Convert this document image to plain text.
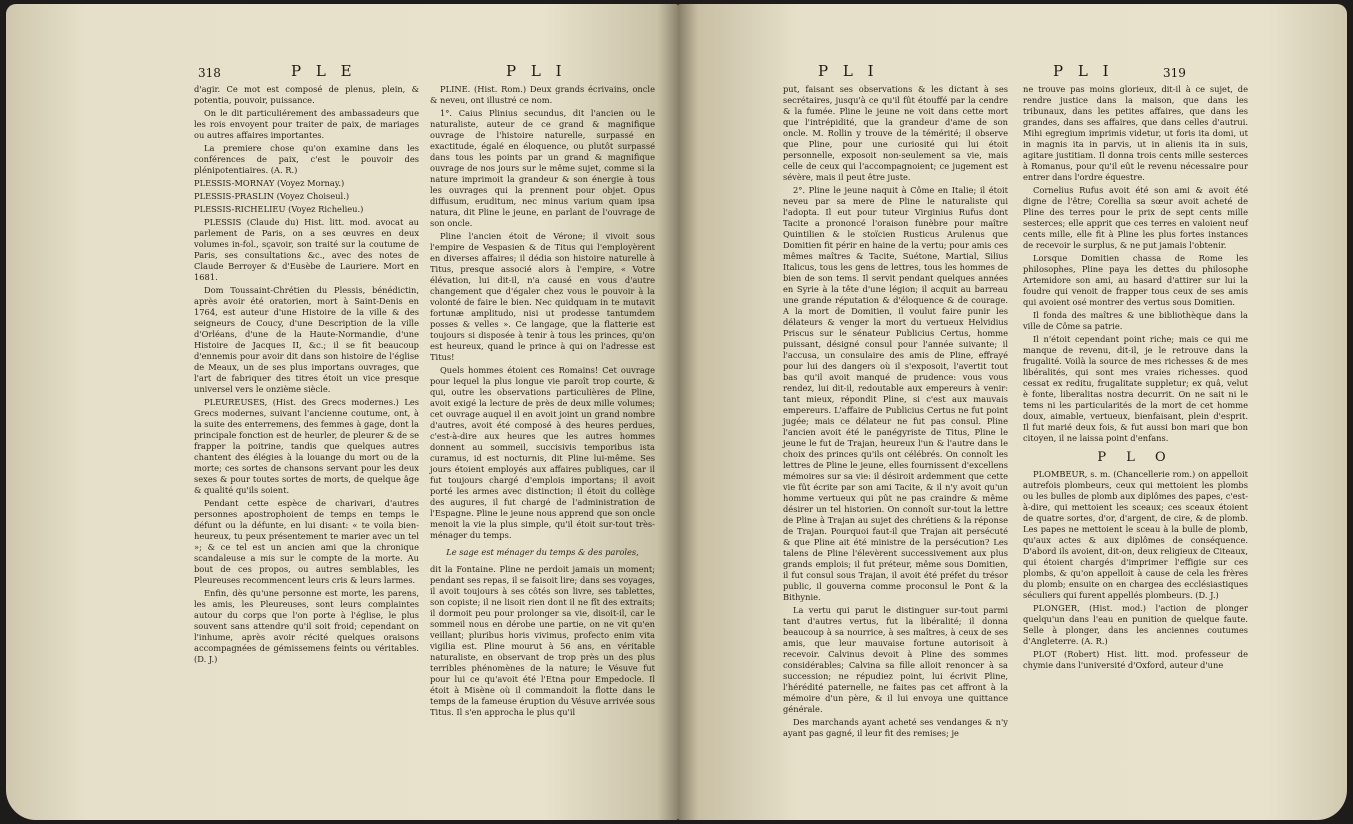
318	P L E	P L I

d'agir. Ce mot est composé de plenus, plein, & potentia, pouvoir, puissance.

On le dit particuliérement des ambassadeurs que les rois envoyent pour traiter de paix, de mariages ou autres affaires importantes.

La premiere chose qu'on examine dans les conférences de paix, c'est le pouvoir des plénipotentiaires. (A. R.)

PLESSIS-MORNAY (Voyez Mornay.)

PLESSIS-PRASLIN (Voyez Choiseul.)

PLESSIS-RICHELIEU (Voyez Richelieu.)

PLESSIS (Claude du) Hist. litt. mod. avocat au parlement de Paris, on a ses œuvres en deux volumes in-fol., sçavoir, son traité sur la coutume de Paris, ses consultations &c., avec des notes de Claude Berroyer & d'Eusèbe de Lauriere. Mort en 1681.

Dom Toussaint-Chrétien du Plessis, bénédictin, après avoir été oratorien, mort à Saint-Denis en 1764, est auteur d'une Histoire de la ville & des seigneurs de Coucy, d'une Description de la ville d'Orléans, d'une de la Haute-Normandie, d'une Histoire de Jacques II, &c.; il se fit beaucoup d'ennemis pour avoir dit dans son histoire de l'église de Meaux, un de ses plus importans ouvrages, que l'art de fabriquer des titres étoit un vice presque universel vers le onzième siècle.

PLEUREUSES, (Hist. des Grecs modernes.) Les Grecs modernes, suivant l'ancienne coutume, ont, à la suite des enterremens, des femmes à gage, dont la principale fonction est de heurler, de pleurer & de se frapper la poitrine, tandis que quelques autres chantent des élégies à la louange du mort ou de la morte; ces sortes de chansons servant pour les deux sexes & pour toutes sortes de morts, de quelque âge & qualité qu'ils soient.

Pendant cette espèce de charivari, d'autres personnes apostrophoient de temps en temps le défunt ou la défunte, en lui disant: « te voila bien-heureux, tu peux présentement te marier avec un tel »; & ce tel est un ancien ami que la chronique scandaleuse a mis sur le compte de la morte. Au bout de ces propos, ou autres semblables, les Pleureuses recommencent leurs cris & leurs larmes.

Enfin, dès qu'une personne est morte, les parens, les amis, les Pleureuses, sont leurs complaintes autour du corps que l'on porte à l'église, le plus souvent sans attendre qu'il soit froid; cependant on l'inhume, après avoir récité quelques oraisons accompagnées de gémissemens feints ou véritables. (D. J.)

PLINE. (Hist. Rom.) Deux grands écrivains, oncle & neveu, ont illustré ce nom.

1°. Caius Plinius secundus, dit l'ancien ou le naturaliste, auteur de ce grand & magnifique ouvrage de l'histoire naturelle, surpassé en exactitude, égalé en éloquence, ou plutôt surpassé dans tous les points par un grand & magnifique ouvrage de nos jours sur le même sujet, comme si la nature imprimoit la grandeur & son énergie à tous les ouvrages qui la prennent pour objet. Opus diffusum, eruditum, nec minus varium quam ipsa natura, dit Pline le jeune, en parlant de l'ouvrage de son oncle.

Pline l'ancien étoit de Vérone; il vivoit sous l'empire de Vespasien & de Titus qui l'employèrent en diverses affaires; il dédia son histoire naturelle à Titus, presque associé alors à l'empire, « Votre élévation, lui dit-il, n'a causé en vous d'autre changement que d'égaler chez vous le pouvoir à la volonté de faire le bien. Nec quidquam in te mutavit fortunæ amplitudo, nisi ut prodesse tantumdem posses & velles ». Ce langage, que la flatterie est toujours si disposée à tenir à tous les princes, qu'on est heureux, quand le prince à qui on l'adresse est Titus!

Quels hommes étoient ces Romains! Cet ouvrage pour lequel la plus longue vie paroît trop courte, & qui, outre les observations particulières de Pline, avoit exigé la lecture de près de deux mille volumes; cet ouvrage auquel il en avoit joint un grand nombre d'autres, avoit été composé à des heures perdues, c'est-à-dire aux heures que les autres hommes donnent au sommeil, succisivis temporibus ista curamus, id est nocturnis, dit Pline lui-même. Ses jours étoient employés aux affaires publiques, car il fut toujours chargé d'emplois importans; il avoit porté les armes avec distinction; il étoit du collège des augures, il fut chargé de l'administration de l'Espagne. Pline le jeune nous apprend que son oncle menoit la vie la plus simple, qu'il étoit sur-tout très-ménager du temps.

Le sage est ménager du temps & des paroles,

dit la Fontaine. Pline ne perdoit jamais un moment; pendant ses repas, il se faisoit lire; dans ses voyages, il avoit toujours à ses côtés son livre, ses tablettes, son copiste; il ne lisoit rien dont il ne fît des extraits; il dormoit peu pour prolonger sa vie, disoit-il, car le sommeil nous en dérobe une partie, on ne vit qu'en veillant; pluribus horis vivimus, profecto enim vita vigilia est. Pline mourut à 56 ans, en véritable naturaliste, en observant de trop près un des plus terribles phénomènes de la nature; le Vésuve fut pour lui ce qu'avoit été l'Etna pour Empedocle. Il étoit à Misène où il commandoit la flotte dans le temps de la fameuse éruption du Vésuve arrivée sous Titus. Il s'en approcha le plus qu'il

P L I	P L I	319

put, faisant ses observations & les dictant à ses secrétaires, jusqu'à ce qu'il fût étouffé par la cendre & la fumée. Pline le jeune ne voit dans cette mort que l'intrépidité, que la grandeur d'ame de son oncle. M. Rollin y trouve de la témérité; il observe que Pline, pour une curiosité qui lui étoit personnelle, exposoit non-seulement sa vie, mais celle de ceux qui l'accompagnoient; ce jugement est sévère, mais il peut être juste.

2°. Pline le jeune naquit à Côme en Italie; il étoit neveu par sa mere de Pline le naturaliste qui l'adopta. Il eut pour tuteur Virginius Rufus dont Tacite a prononcé l'oraison funèbre pour maître Quintilien & le stoïcien Rusticus Arulenus que Domitien fit périr en haine de la vertu; pour amis ces mêmes maîtres & Tacite, Suétone, Martial, Silius Italicus, tous les gens de lettres, tous les hommes de bien de son tems. Il servit pendant quelques années en Syrie à la tête d'une légion; il acquit au barreau une grande réputation & d'éloquence & de courage. A la mort de Domitien, il voulut faire punir les délateurs & venger la mort du vertueux Helvidius Priscus sur le sénateur Publicius Certus, homme puissant, désigné consul pour l'année suivante; il l'accusa, un consulaire des amis de Pline, effrayé pour lui des dangers où il s'exposoit, l'avertit tout bas qu'il avoit manqué de prudence: vous vous rendez, lui dit-il, redoutable aux empereurs à venir: tant mieux, répondit Pline, si c'est aux mauvais empereurs. L'affaire de Publicius Certus ne fut point jugée; mais ce délateur ne fut pas consul. Pline l'ancien avoit été le panégyriste de Titus, Pline le jeune le fut de Trajan, heureux l'un & l'autre dans le choix des princes qu'ils ont célébrés. On connoît les lettres de Pline le jeune, elles fournissent d'excellens mémoires sur sa vie: il désiroit ardemment que cette vie fût écrite par son ami Tacite, & il n'y avoit qu'un homme vertueux qui pût ne pas craindre & même désirer un tel historien. On connoît sur-tout la lettre de Pline à Trajan au sujet des chrétiens & la réponse de Trajan. Pourquoi faut-il que Trajan ait persécuté & que Pline ait été ministre de la persécution? Les talens de Pline l'élevèrent successivement aux plus grands emplois; il fut préteur, même sous Domitien, il fut consul sous Trajan, il avoit été préfet du trésor public, il gouverna comme proconsul le Pont & la Bithynie.

La vertu qui parut le distinguer sur-tout parmi tant d'autres vertus, fut la libéralité; il donna beaucoup à sa nourrice, à ses maîtres, à ceux de ses amis, que leur mauvaise fortune autorisoit à recevoir. Calvinus devoit à Pline des sommes considérables; Calvina sa fille alloit renoncer à sa succession; ne répudiez point, lui écrivit Pline, l'hérédité paternelle, ne faites pas cet affront à la mémoire d'un père, & il lui envoya une quittance générale.

Des marchands ayant acheté ses vendanges & n'y ayant pas gagné, il leur fit des remises; je

ne trouve pas moins glorieux, dit-il à ce sujet, de rendre justice dans la maison, que dans les tribunaux, dans les petites affaires, que dans les grandes, dans ses affaires, que dans celles d'autrui. Mihi egregium imprimis videtur, ut foris ita domi, ut in magnis ita in parvis, ut in alienis ita in suis, agitare justitiam. Il donna trois cents mille sesterces à Romanus, pour qu'il eût le revenu nécessaire pour entrer dans l'ordre équestre.

Cornelius Rufus avoit été son ami & avoit été digne de l'être; Corellia sa sœur avoit acheté de Pline des terres pour le prix de sept cents mille sesterces; elle apprit que ces terres en valoient neuf cents mille, elle fit à Pline les plus fortes instances de recevoir le surplus, & ne put jamais l'obtenir.

Lorsque Domitien chassa de Rome les philosophes, Pline paya les dettes du philosophe Artemidore son ami, au hasard d'attirer sur lui la foudre qui venoit de frapper tous ceux de ses amis qui avoient osé montrer des vertus sous Domitien.

Il fonda des maîtres & une bibliothèque dans la ville de Côme sa patrie.

Il n'étoit cependant point riche; mais ce qui me manque de revenu, dit-il, je le retrouve dans la frugalité. Voilà la source de mes richesses & de mes libéralités, qui sont mes vraies richesses. quod cessat ex reditu, frugalitate suppletur; ex quâ, velut è fonte, liberalitas nostra decurrit. On ne sait ni le tems ni les particularités de la mort de cet homme doux, aimable, vertueux, bienfaisant, plein d'esprit. Il fut marié deux fois, & fut aussi bon mari que bon citoyen, il ne laissa point d'enfans.

P L O

PLOMBEUR, s. m. (Chancellerie rom.) on appelloit autrefois plombeurs, ceux qui mettoient les plombs ou les bulles de plomb aux diplômes des papes, c'est-à-dire, qui mettoient les sceaux; ces sceaux étoient de quatre sortes, d'or, d'argent, de cire, & de plomb. Les papes ne mettoient le sceau à la bulle de plomb, qu'aux actes & aux diplômes de conséquence. D'abord ils avoient, dit-on, deux religieux de Citeaux, qui étoient chargés d'imprimer l'effigie sur ces plombs, & qu'on appelloit à cause de cela les frères du plomb; ensuite on en chargea des ecclésiastiques séculiers qui furent appellés plombeurs. (D. J.)

PLONGER, (Hist. mod.) l'action de plonger quelqu'un dans l'eau en punition de quelque faute. Selle à plonger, dans les anciennes coutumes d'Angleterre. (A. R.)

PLOT (Robert) Hist. litt. mod. professeur de chymie dans l'université d'Oxford, auteur d'une
